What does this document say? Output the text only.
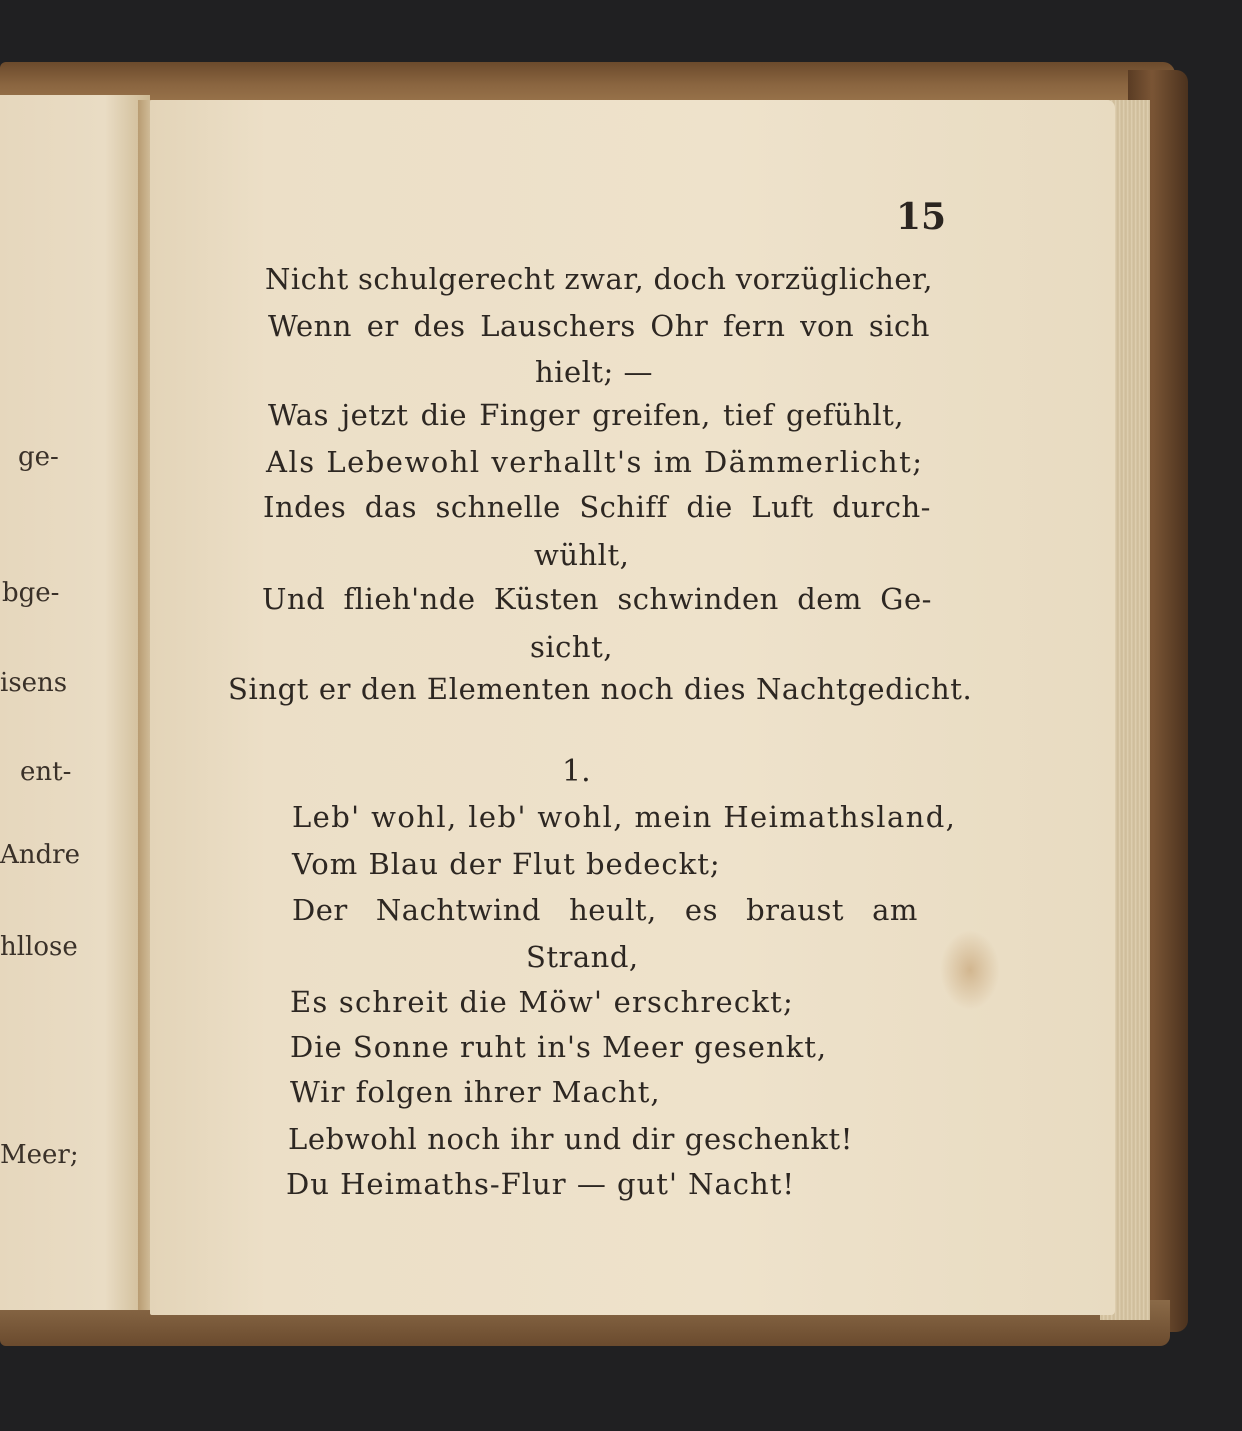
ge-
bge-
isens
ent-
Andre
hllose
Meer;
15
Nicht schulgerecht zwar, doch vorzüglicher,
Wenn er des Lauschers Ohr fern von sich
hielt; —
Was jetzt die Finger greifen, tief gefühlt,
Als Lebewohl verhallt's im Dämmerlicht;
Indes das schnelle Schiff die Luft durch-
wühlt,
Und flieh'nde Küsten schwinden dem Ge-
sicht,
Singt er den Elementen noch dies Nachtgedicht.
1.
Leb' wohl, leb' wohl, mein Heimathsland,
Vom Blau der Flut bedeckt;
Der Nachtwind heult, es braust am
Strand,
Es schreit die Möw' erschreckt;
Die Sonne ruht in's Meer gesenkt,
Wir folgen ihrer Macht,
Lebwohl noch ihr und dir geschenkt!
Du Heimaths-Flur — gut' Nacht!
